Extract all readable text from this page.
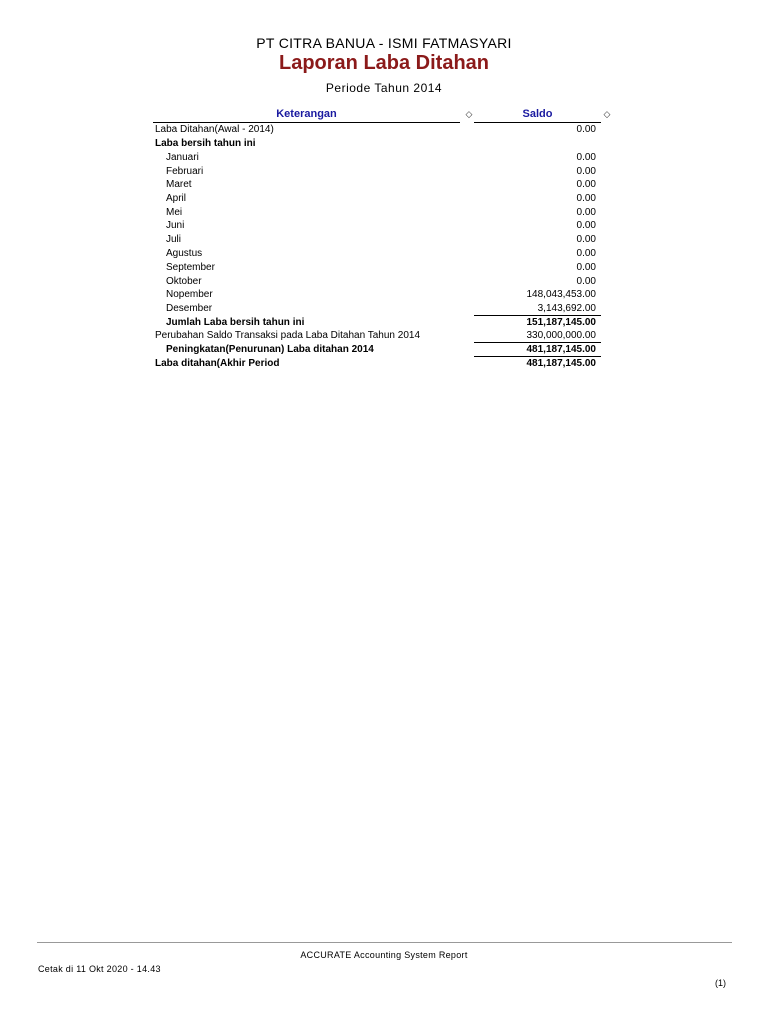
PT CITRA BANUA - ISMI FATMASYARI
Laporan Laba Ditahan
Periode Tahun 2014
Keterangan	◇	Saldo	◇
Laba Ditahan(Awal - 2014)	0.00
Laba bersih tahun ini
Januari	0.00
Februari	0.00
Maret	0.00
April	0.00
Mei	0.00
Juni	0.00
Juli	0.00
Agustus	0.00
September	0.00
Oktober	0.00
Nopember	148,043,453.00
Desember	3,143,692.00
Jumlah Laba bersih tahun ini	151,187,145.00
Perubahan Saldo Transaksi pada Laba Ditahan Tahun 2014	330,000,000.00
Peningkatan(Penurunan) Laba ditahan 2014	481,187,145.00
Laba ditahan(Akhir Period	481,187,145.00
ACCURATE Accounting System Report
Cetak di 11 Okt 2020 - 14.43
(1)
